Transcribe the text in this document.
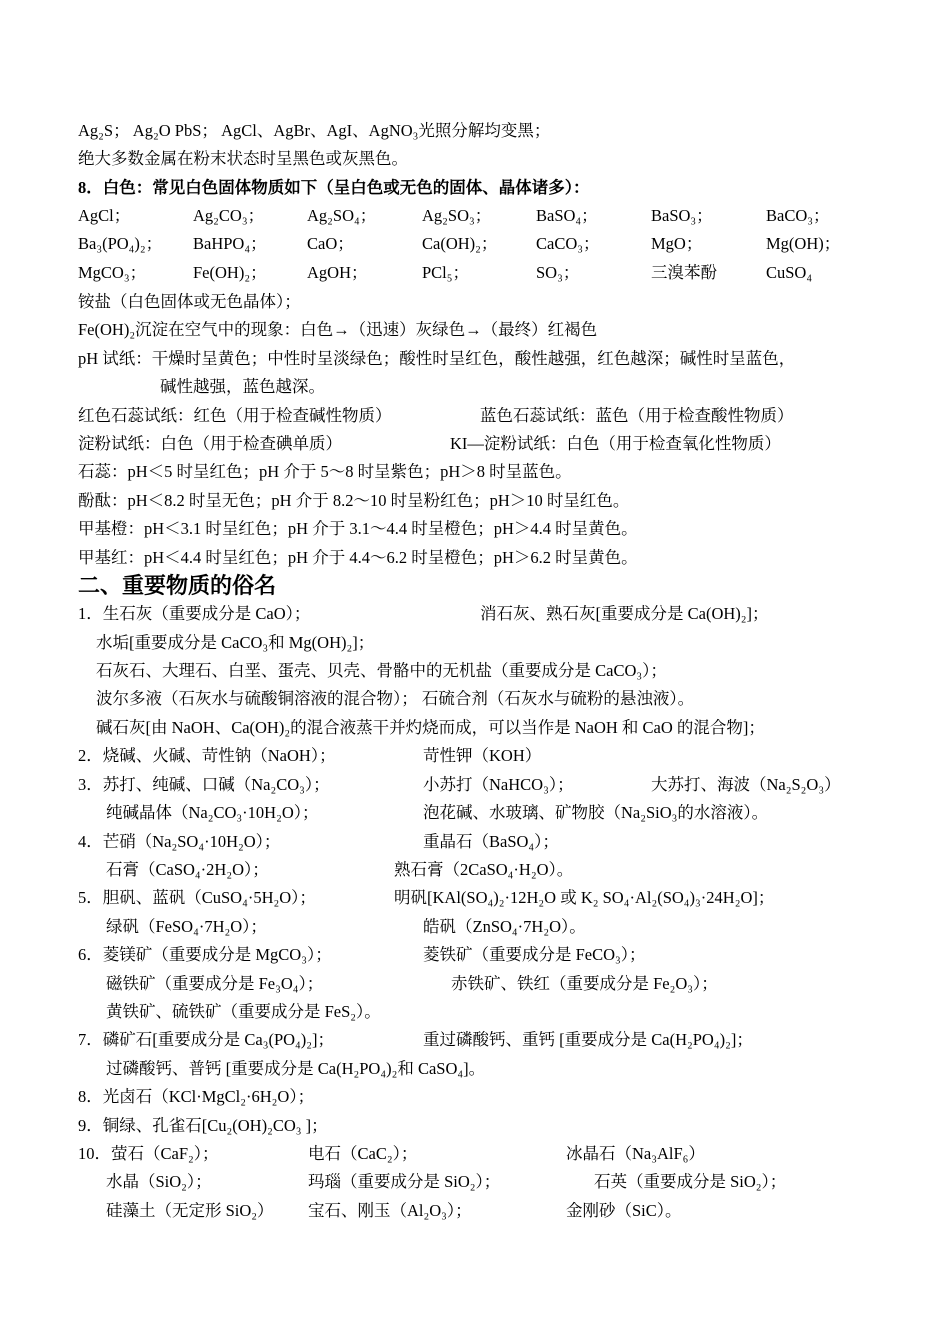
Ag₂S； Ag₂O PbS； AgCl、AgBr、AgI、AgNO₃光照分解均变黑；
绝大多数金属在粉末状态时呈黑色或灰黑色。
8．白色：常见白色固体物质如下（呈白色或无色的固体、晶体诸多）：
AgCl；	Ag₂CO₃；	Ag₂SO₄；	Ag₂SO₃；	BaSO₄；	BaSO₃；	BaCO₃；
Ba₃(PO₄)₂； BaHPO₄； CaO；	Ca(OH)₂； CaCO₃；	MgO；	Mg(OH)；
MgCO₃；	Fe(OH)₂； AgOH；	PCl₅；	SO₃；	三溴苯酚	CuSO₄
铵盐（白色固体或无色晶体）；
Fe(OH)₂沉淀在空气中的现象：白色→（迅速）灰绿色→（最终）红褐色
pH 试纸：干燥时呈黄色；中性时呈淡绿色；酸性时呈红色，酸性越强，红色越深；碱性时呈蓝色，
碱性越强，蓝色越深。
红色石蕊试纸：红色（用于检查碱性物质）	蓝色石蕊试纸：蓝色（用于检查酸性物质）
淀粉试纸：白色（用于检查碘单质）	KI—淀粉试纸：白色（用于检查氧化性物质）
石蕊：pH＜5 时呈红色；pH 介于 5～8 时呈紫色；pH＞8 时呈蓝色。
酚酞：pH＜8.2 时呈无色；pH 介于 8.2～10 时呈粉红色；pH＞10 时呈红色。
甲基橙：pH＜3.1 时呈红色；pH 介于 3.1～4.4 时呈橙色；pH＞4.4 时呈黄色。
甲基红：pH＜4.4 时呈红色；pH 介于 4.4～6.2 时呈橙色；pH＞6.2 时呈黄色。
二、重要物质的俗名
1．生石灰（重要成分是 CaO）；	消石灰、熟石灰[重要成分是 Ca(OH)₂]；
水垢[重要成分是 CaCO₃和 Mg(OH)₂]；
石灰石、大理石、白垩、蛋壳、贝壳、骨骼中的无机盐（重要成分是 CaCO₃）；
波尔多液（石灰水与硫酸铜溶液的混合物）； 石硫合剂（石灰水与硫粉的悬浊液）。
碱石灰[由 NaOH、Ca(OH)₂的混合液蒸干并灼烧而成，可以当作是 NaOH 和 CaO 的混合物]；
2．烧碱、火碱、苛性钠（NaOH）；	苛性钾（KOH）
3．苏打、纯碱、口碱（Na₂CO₃）；	小苏打（NaHCO₃）；	大苏打、海波（Na₂S₂O₃）
纯碱晶体（Na₂CO₃·10H₂O）；	泡花碱、水玻璃、矿物胶（Na₂SiO₃的水溶液）。
4．芒硝（Na₂SO₄·10H₂O）；	重晶石（BaSO₄）；
石膏（CaSO₄·2H₂O）；	熟石膏（2CaSO₄·H₂O）。
5．胆矾、蓝矾（CuSO₄·5H₂O）；	明矾[KAl(SO₄)₂·12H₂O 或 K₂ SO₄·Al₂(SO₄)₃·24H₂O]；
绿矾（FeSO₄·7H₂O）；	皓矾（ZnSO₄·7H₂O）。
6．菱镁矿（重要成分是 MgCO₃）；	菱铁矿（重要成分是 FeCO₃）；
磁铁矿（重要成分是 Fe₃O₄）；	赤铁矿、铁红（重要成分是 Fe₂O₃）；
黄铁矿、硫铁矿（重要成分是 FeS₂）。
7．磷矿石[重要成分是 Ca₃(PO₄)₂]；	重过磷酸钙、重钙 [重要成分是 Ca(H₂PO₄)₂]；
过磷酸钙、普钙 [重要成分是 Ca(H₂PO₄)₂和 CaSO₄]。
8．光卤石（KCl·MgCl₂·6H₂O）；
9．铜绿、孔雀石[Cu₂(OH)₂CO₃ ]；
10．萤石（CaF₂）；	电石（CaC₂）；	冰晶石（Na₃AlF₆）
水晶（SiO₂）；	玛瑙（重要成分是 SiO₂）；	石英（重要成分是 SiO₂）；
硅藻土（无定形 SiO₂） 宝石、刚玉（Al₂O₃）；	金刚砂（SiC）。
